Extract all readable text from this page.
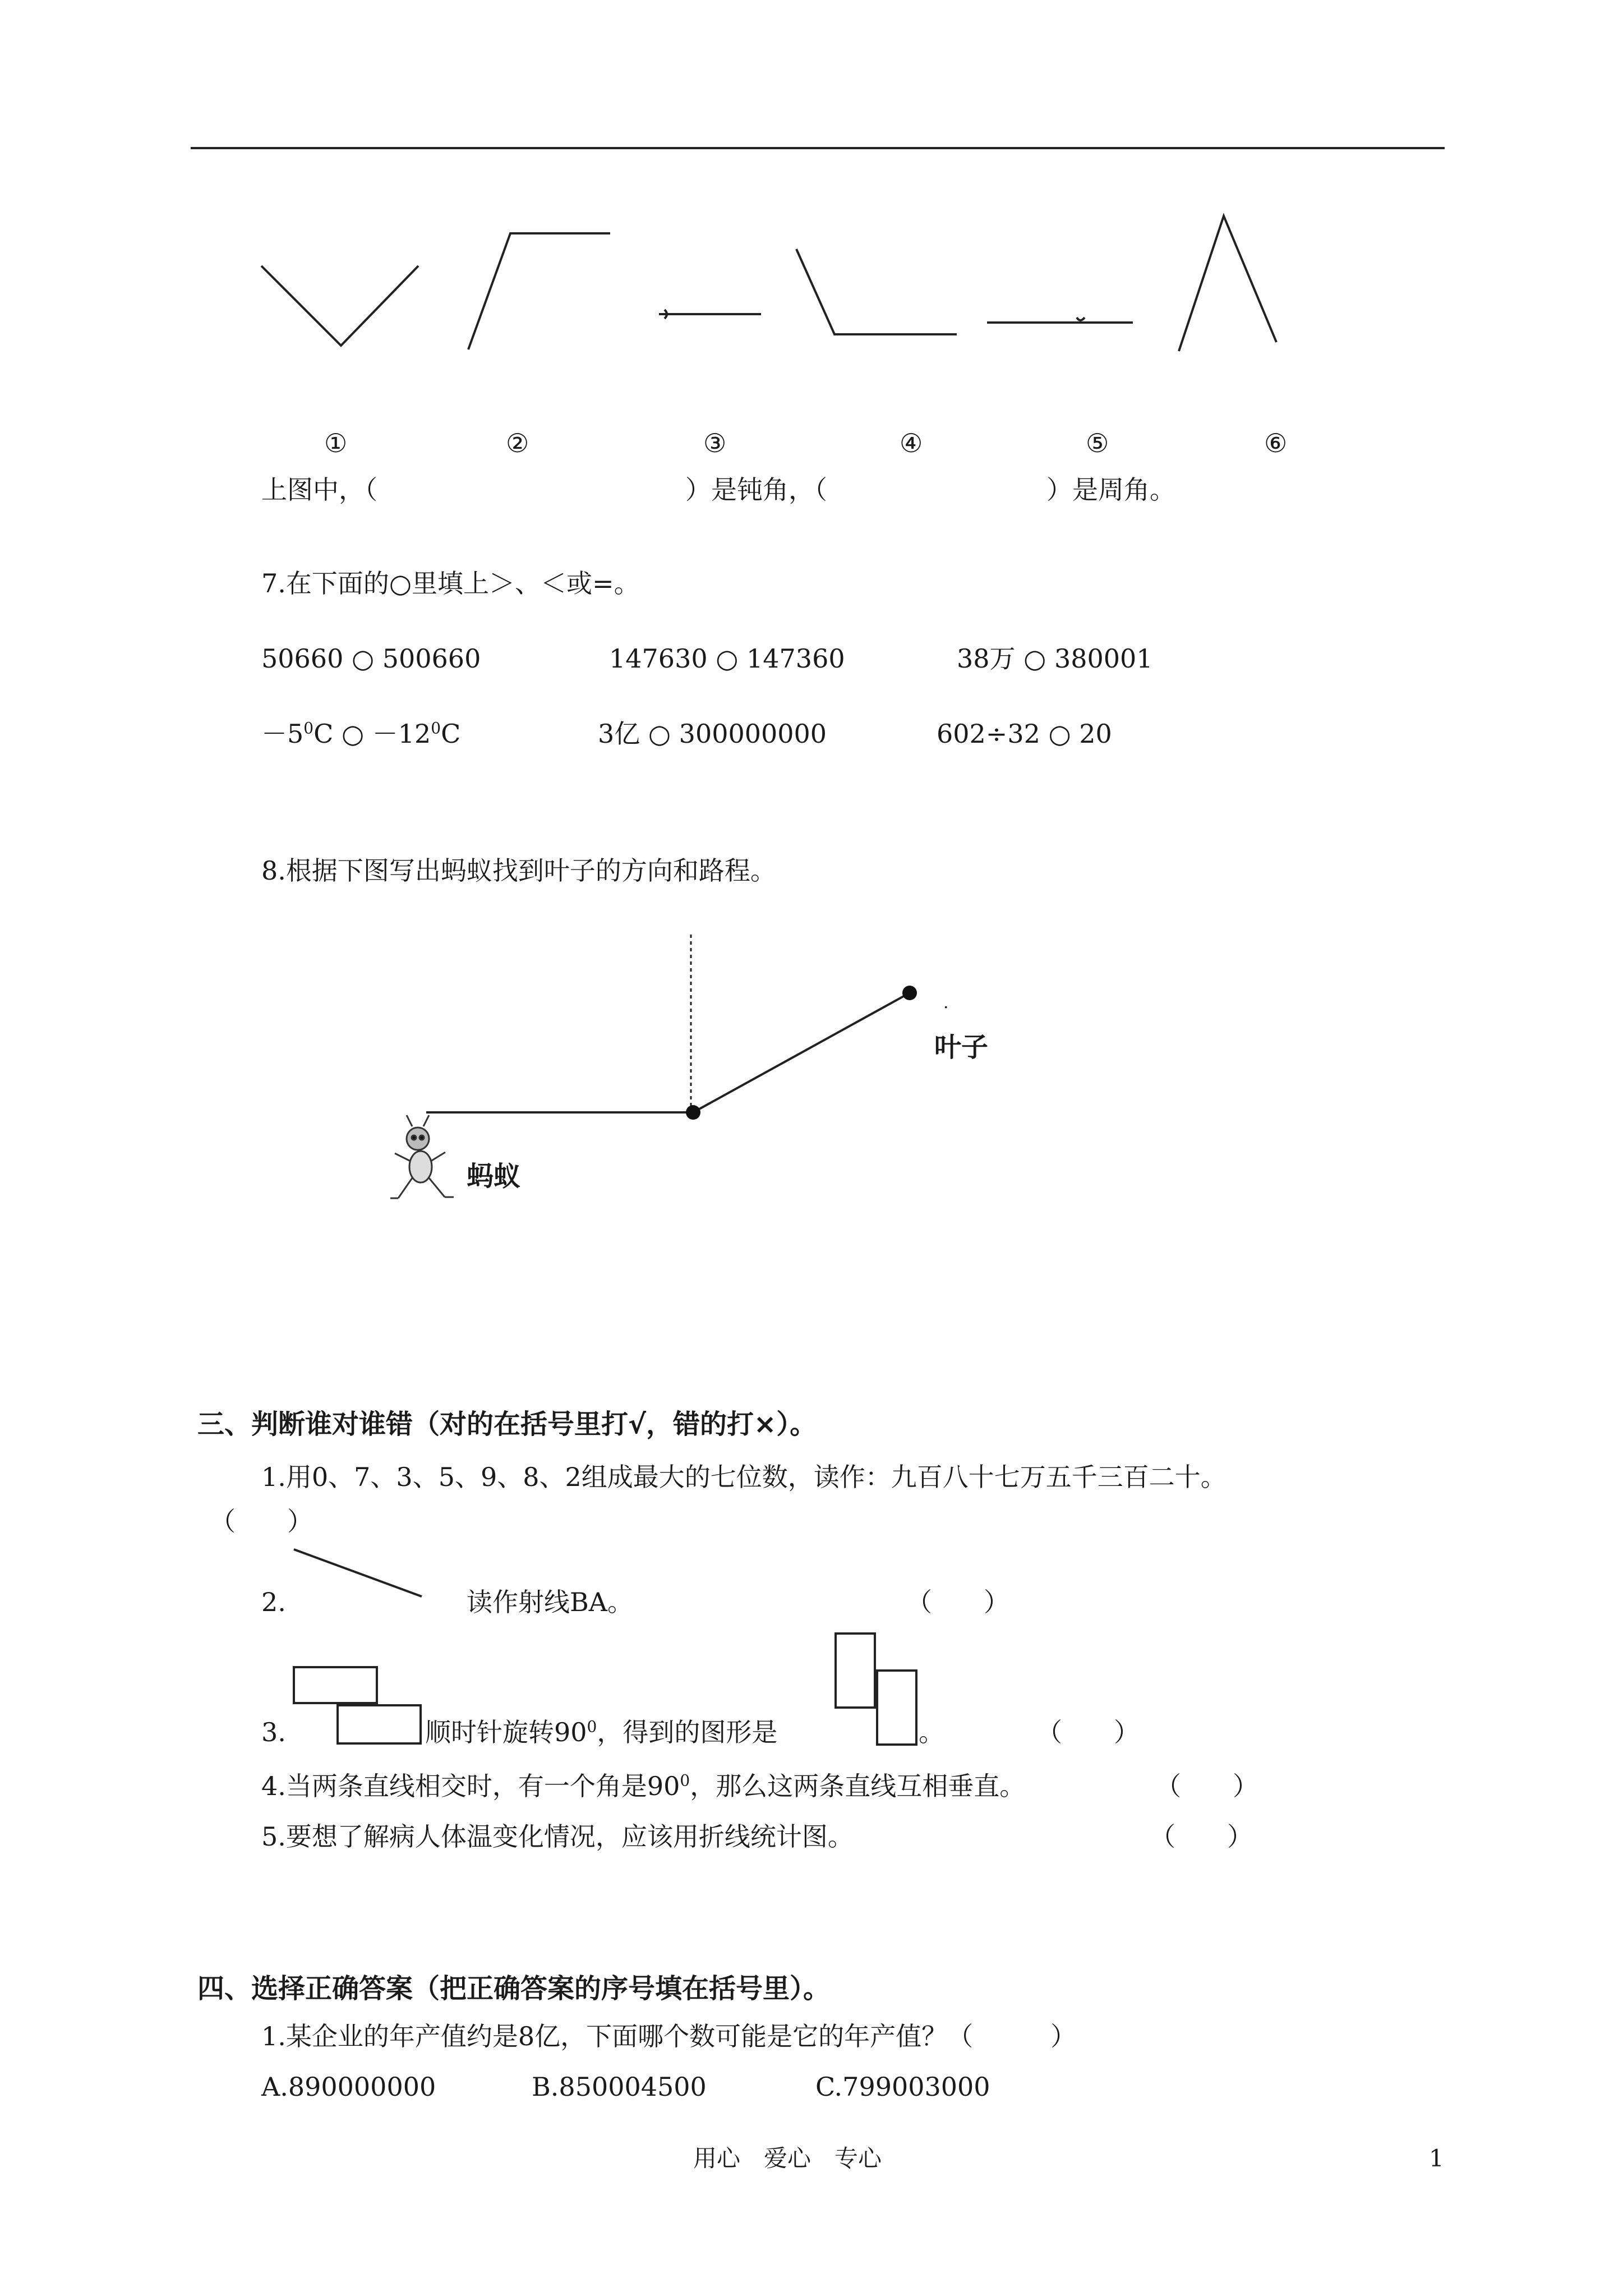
①	②	③	④	⑤	⑥
上图中，（	）是钝角，（	）是周角。
7.在下面的○里填上＞、＜或=。
50660 ○ 500660	147630 ○ 147360	38万 ○ 380001
$-5^0C$ ○ $-12^0C$	3亿 ○ 300000000	602÷32 ○ 20
8.根据下图写出蚂蚁找到叶子的方向和路程。
.
叶子
蚂蚁
三、判断谁对谁错（对的在括号里打√，错的打×）。
1.用0、7、3、5、9、8、2组成最大的七位数，读作：九百八十七万五千三百二十。
（　　）
2.	读作射线BA。	（　　）
3.	顺时针旋转$90^0$，得到的图形是	。	（　　）
4.当两条直线相交时，有一个角是$90^0$，那么这两条直线互相垂直。	（　　）
5.要想了解病人体温变化情况，应该用折线统计图。	（　　）
四、选择正确答案（把正确答案的序号填在括号里）。
1.某企业的年产值约是8亿，下面哪个数可能是它的年产值？（　　　）
A.890000000	B.850004500	C.799003000
用心　爱心　专心	1
